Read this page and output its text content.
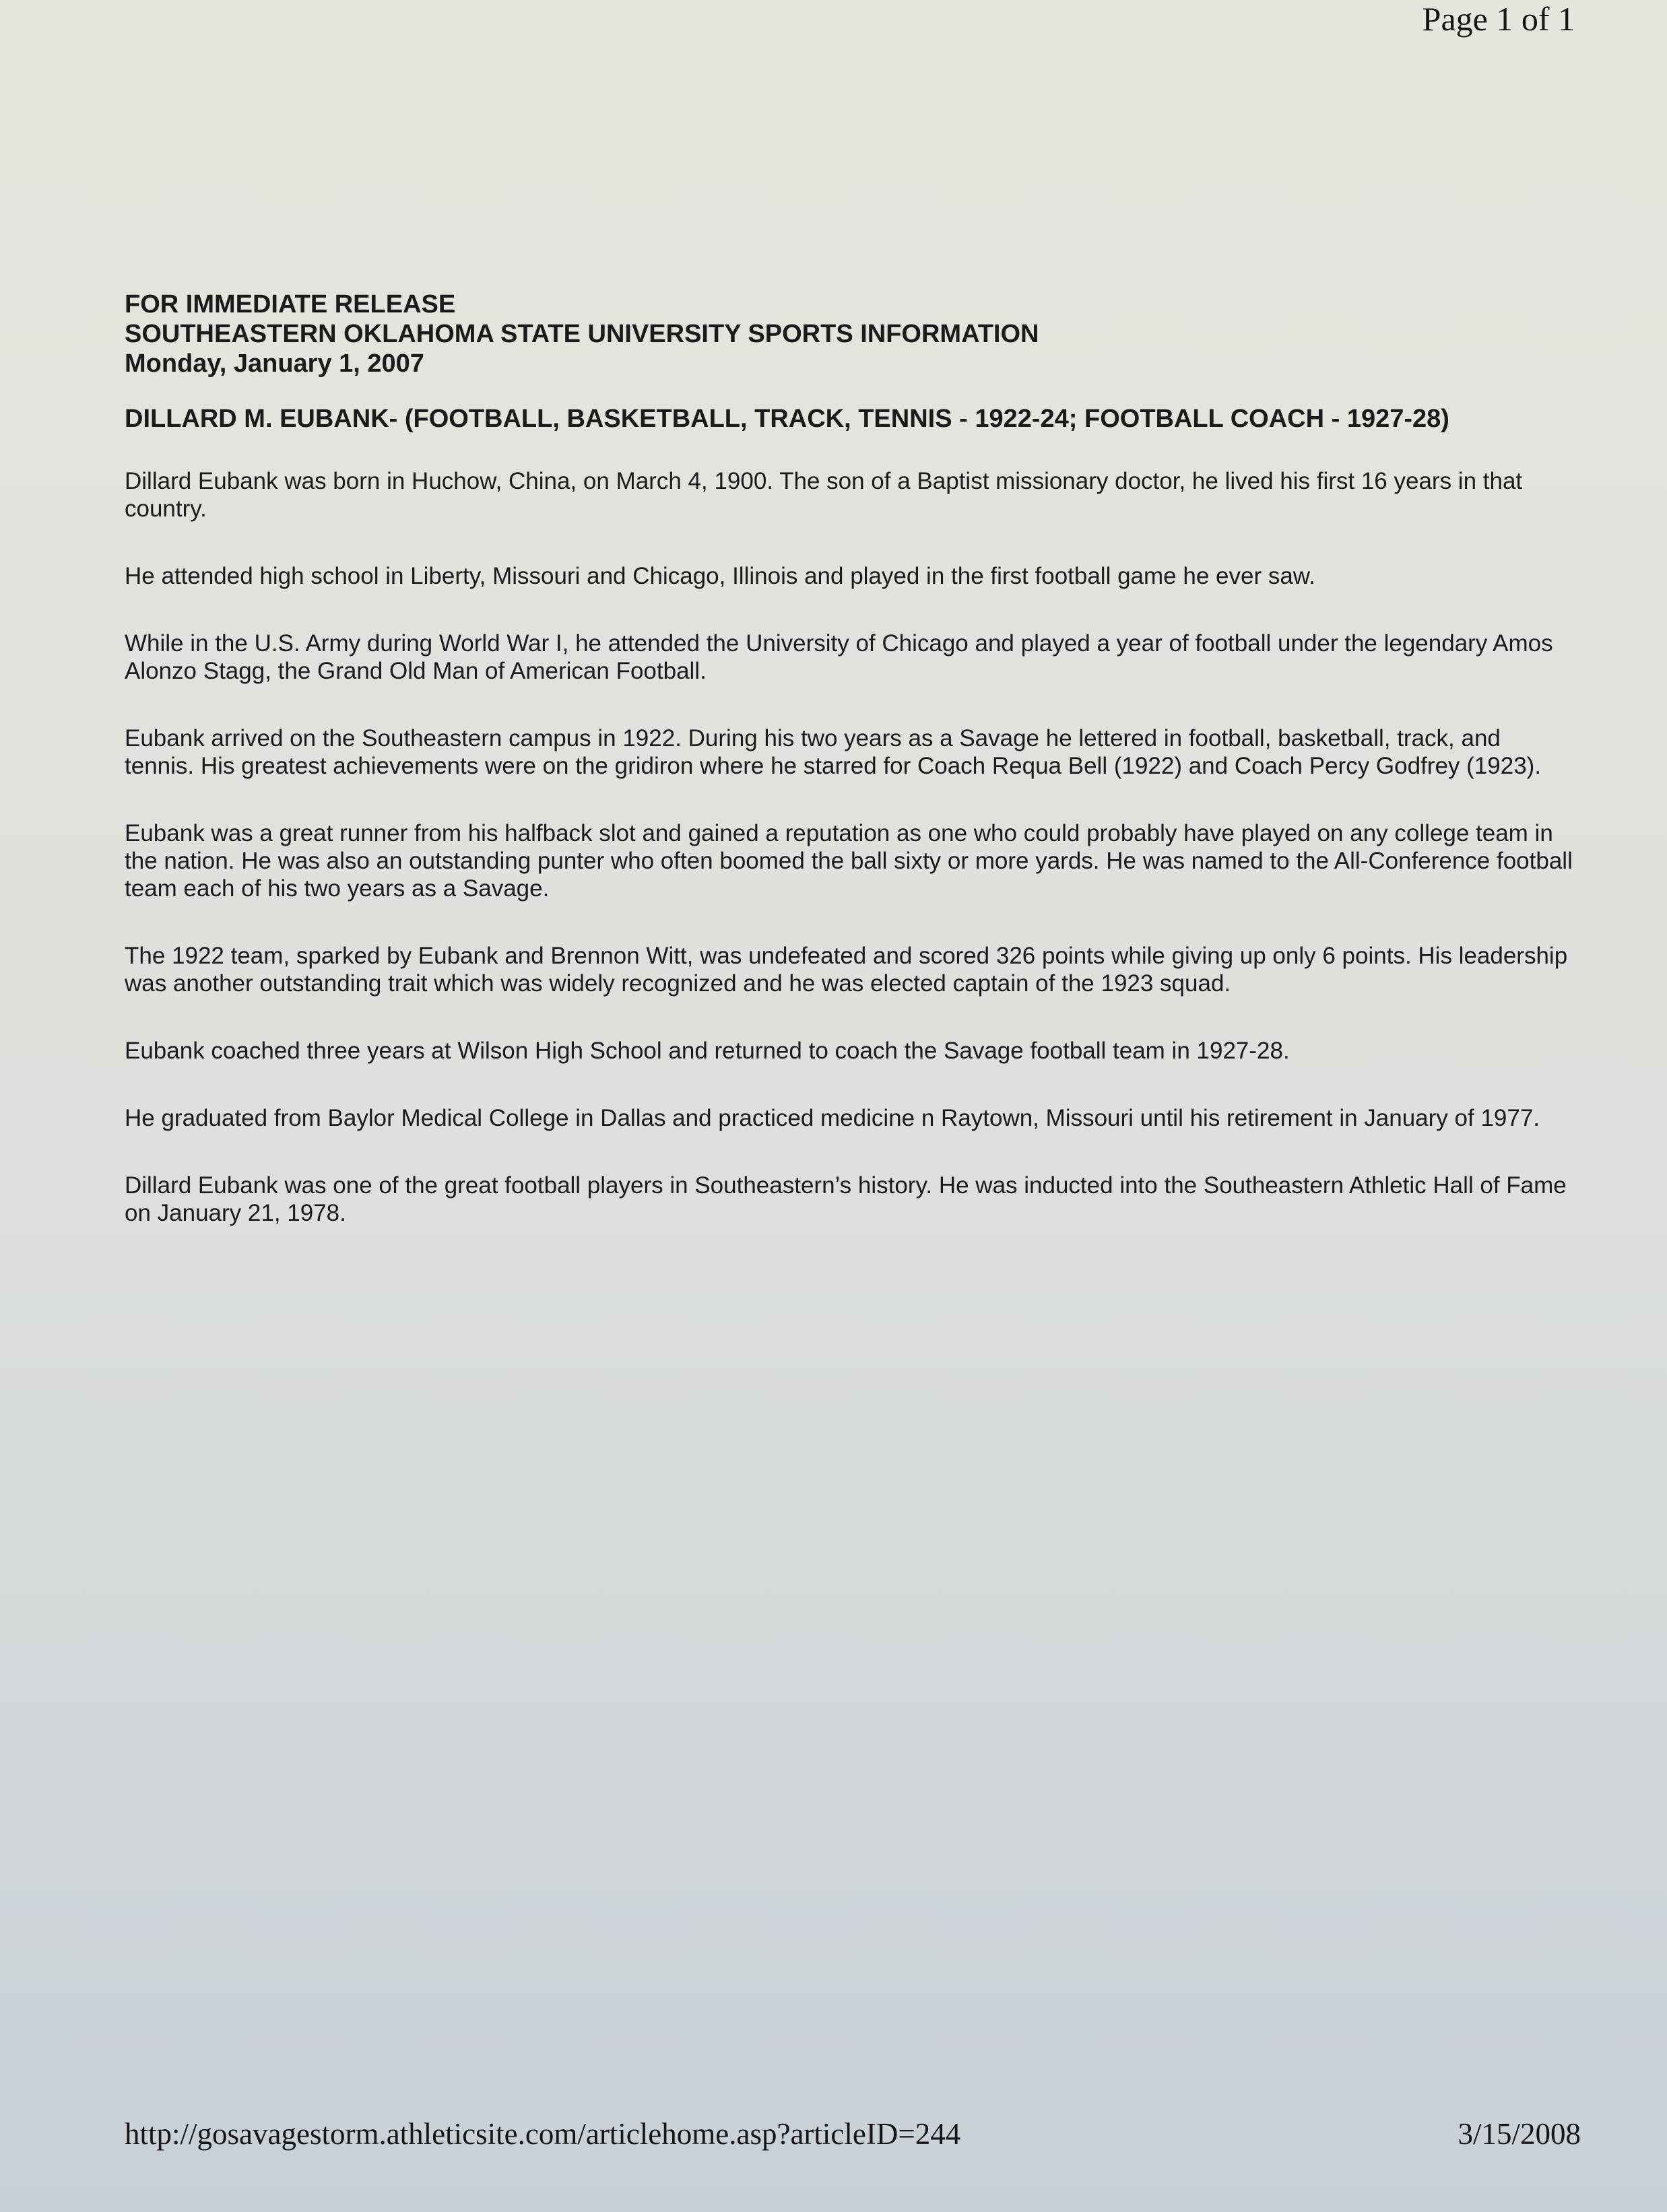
Page 1 of 1
FOR IMMEDIATE RELEASE
SOUTHEASTERN OKLAHOMA STATE UNIVERSITY SPORTS INFORMATION
Monday, January 1, 2007
DILLARD M. EUBANK- (FOOTBALL, BASKETBALL, TRACK, TENNIS - 1922-24; FOOTBALL COACH - 1927-28)

Dillard Eubank was born in Huchow, China, on March 4, 1900. The son of a Baptist missionary doctor, he lived his first 16 years in that country.

He attended high school in Liberty, Missouri and Chicago, Illinois and played in the first football game he ever saw.

While in the U.S. Army during World War I, he attended the University of Chicago and played a year of football under the legendary Amos Alonzo Stagg, the Grand Old Man of American Football.

Eubank arrived on the Southeastern campus in 1922. During his two years as a Savage he lettered in football, basketball, track, and tennis. His greatest achievements were on the gridiron where he starred for Coach Requa Bell (1922) and Coach Percy Godfrey (1923).

Eubank was a great runner from his halfback slot and gained a reputation as one who could probably have played on any college team in the nation. He was also an outstanding punter who often boomed the ball sixty or more yards. He was named to the All-Conference football team each of his two years as a Savage.

The 1922 team, sparked by Eubank and Brennon Witt, was undefeated and scored 326 points while giving up only 6 points. His leadership was another outstanding trait which was widely recognized and he was elected captain of the 1923 squad.

Eubank coached three years at Wilson High School and returned to coach the Savage football team in 1927-28.

He graduated from Baylor Medical College in Dallas and practiced medicine n Raytown, Missouri until his retirement in January of 1977.

Dillard Eubank was one of the great football players in Southeastern’s history. He was inducted into the Southeastern Athletic Hall of Fame on January 21, 1978.

http://gosavagestorm.athleticsite.com/articlehome.asp?articleID=244	3/15/2008
